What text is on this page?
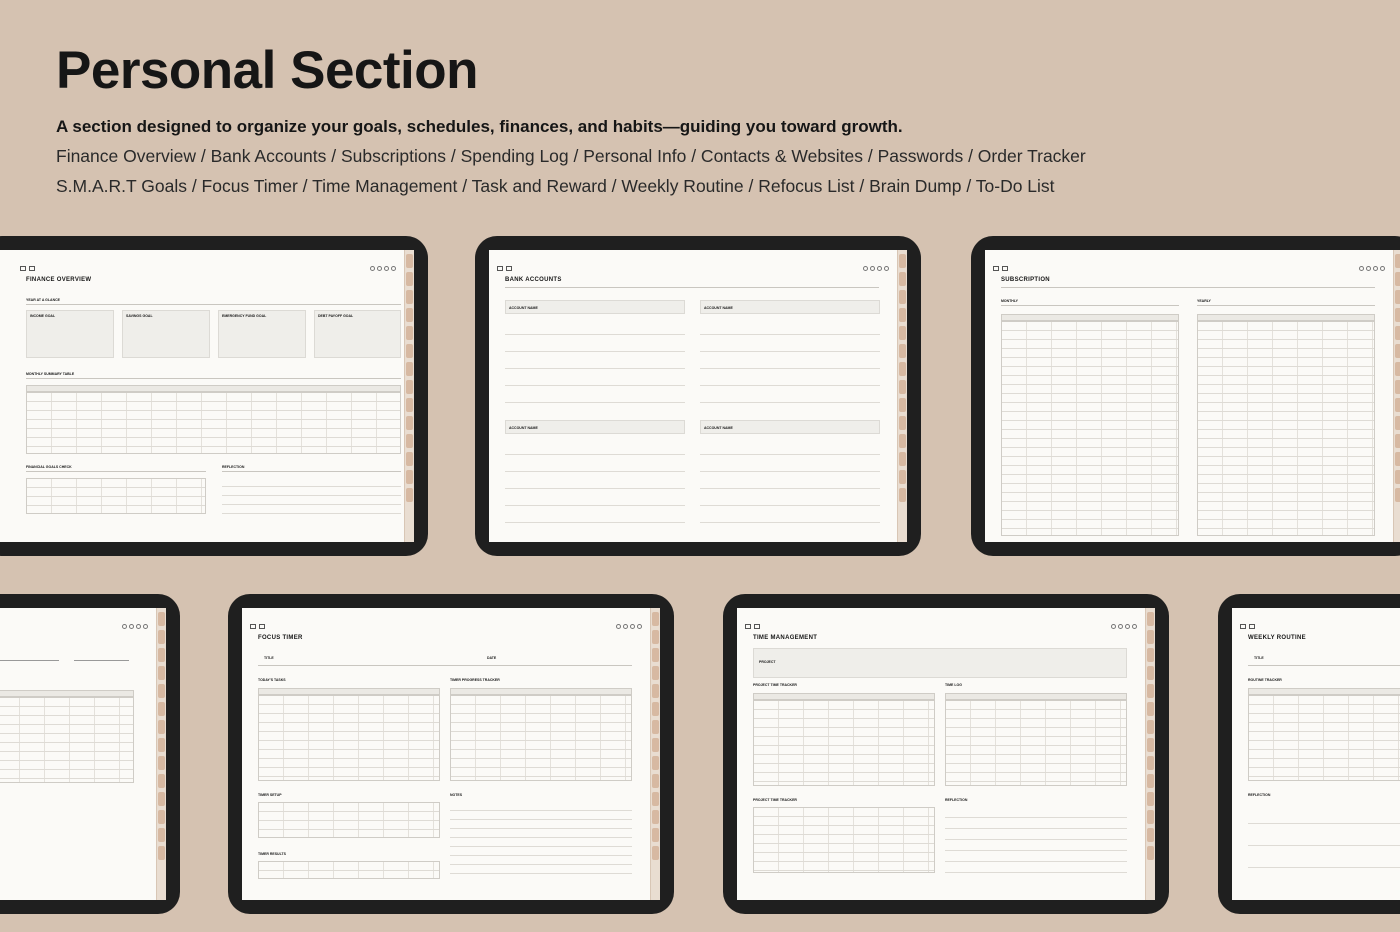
Personal Section
A section designed to organize your goals, schedules, finances, and habits—guiding you toward growth.
Finance Overview / Bank Accounts / Subscriptions / Spending Log / Personal Info / Contacts & Websites / Passwords / Order Tracker
S.M.A.R.T Goals / Focus Timer / Time Management / Task and Reward / Weekly Routine / Refocus List / Brain Dump / To-Do List
FINANCE OVERVIEW
YEAR AT A GLANCE
INCOME GOAL	SAVINGS GOAL	EMERGENCY FUND GOAL	DEBT PAYOFF GOAL
MONTHLY SUMMARY TABLE
FINANCIAL GOALS CHECK	REFLECTION
BANK ACCOUNTS
ACCOUNT NAME	ACCOUNT NAME
ACCOUNT NAME	ACCOUNT NAME
SUBSCRIPTION
MONTHLY	YEARLY
FOCUS TIMER
TITLE	DATE
TODAY'S TASKS	TIMER PROGRESS TRACKER
TIMER SETUP	NOTES
TIMER RESULTS
TIME MANAGEMENT
PROJECT
PROJECT TIME TRACKER	TIME LOG
PROJECT TIME TRACKER	REFLECTION
WEEKLY ROUTINE
TITLE
ROUTINE TRACKER
REFLECTION
